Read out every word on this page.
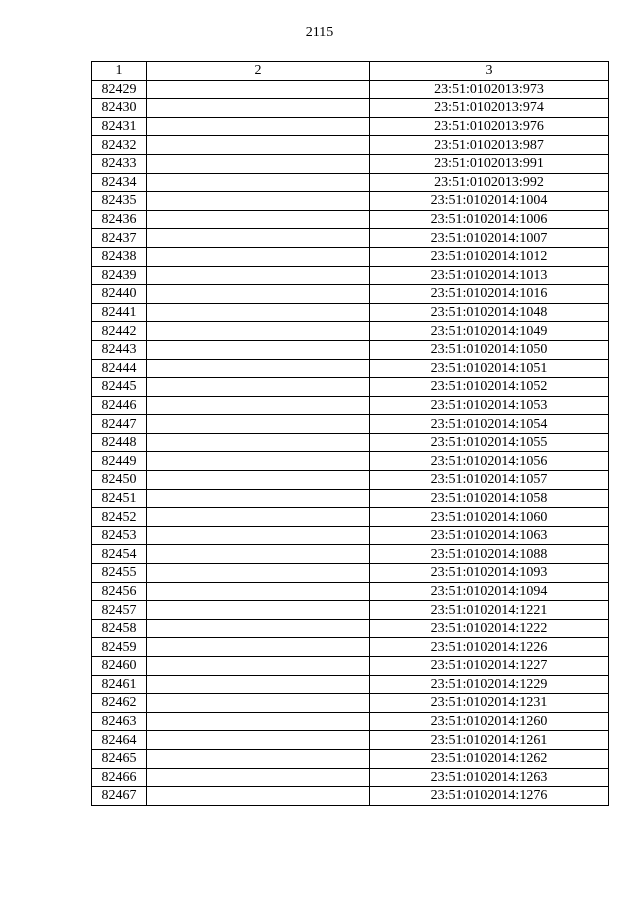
2115
1	2	3
82429		23:51:0102013:973
82430		23:51:0102013:974
82431		23:51:0102013:976
82432		23:51:0102013:987
82433		23:51:0102013:991
82434		23:51:0102013:992
82435		23:51:0102014:1004
82436		23:51:0102014:1006
82437		23:51:0102014:1007
82438		23:51:0102014:1012
82439		23:51:0102014:1013
82440		23:51:0102014:1016
82441		23:51:0102014:1048
82442		23:51:0102014:1049
82443		23:51:0102014:1050
82444		23:51:0102014:1051
82445		23:51:0102014:1052
82446		23:51:0102014:1053
82447		23:51:0102014:1054
82448		23:51:0102014:1055
82449		23:51:0102014:1056
82450		23:51:0102014:1057
82451		23:51:0102014:1058
82452		23:51:0102014:1060
82453		23:51:0102014:1063
82454		23:51:0102014:1088
82455		23:51:0102014:1093
82456		23:51:0102014:1094
82457		23:51:0102014:1221
82458		23:51:0102014:1222
82459		23:51:0102014:1226
82460		23:51:0102014:1227
82461		23:51:0102014:1229
82462		23:51:0102014:1231
82463		23:51:0102014:1260
82464		23:51:0102014:1261
82465		23:51:0102014:1262
82466		23:51:0102014:1263
82467		23:51:0102014:1276
